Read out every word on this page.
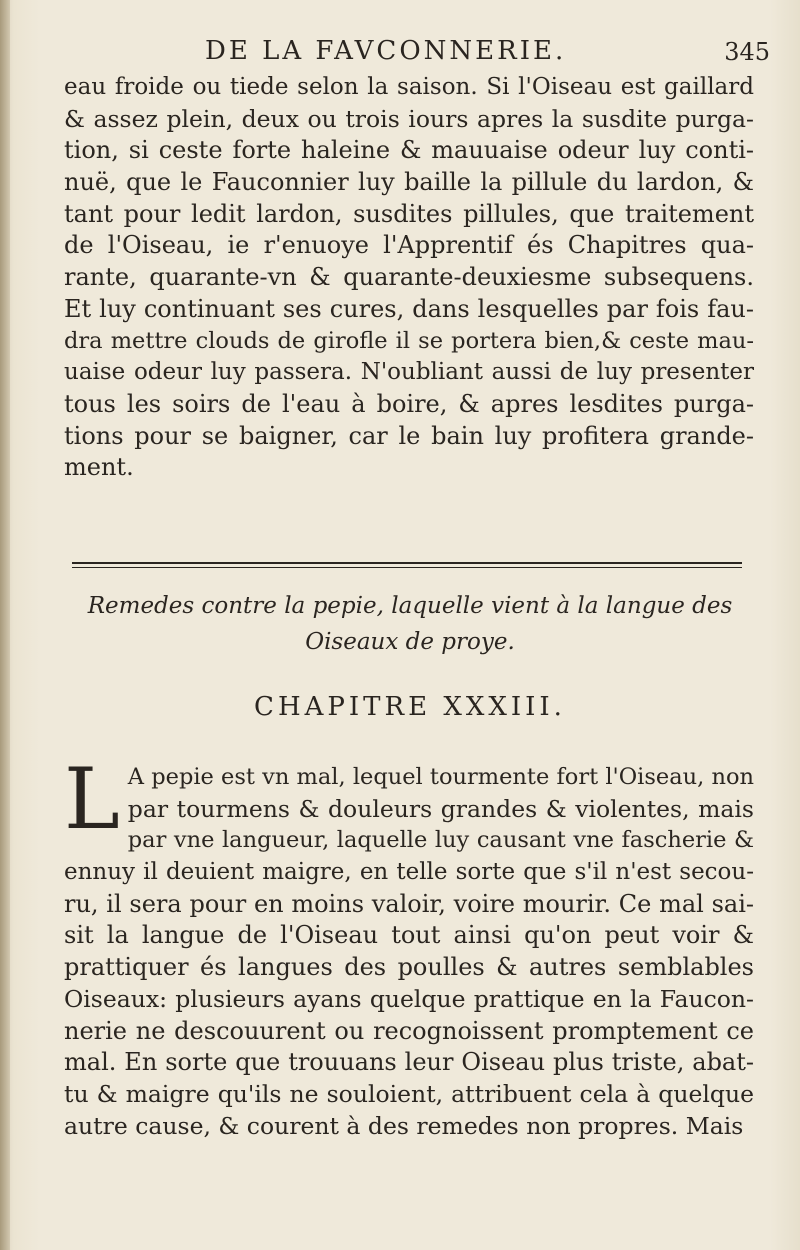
DE LA FAVCONNERIE.	345
eau froide ou tiede selon la saison. Si l'Oiseau est gaillard
& assez plein, deux ou trois iours apres la susdite purga-
tion, si ceste forte haleine & mauuaise odeur luy conti-
nuë, que le Fauconnier luy baille la pillule du lardon, &
tant pour ledit lardon, susdites pillules, que traitement
de l'Oiseau, ie r'enuoye l'Apprentif és Chapitres qua-
rante, quarante-vn & quarante-deuxiesme subsequens.
Et luy continuant ses cures, dans lesquelles par fois fau-
dra mettre clouds de girofle il se portera bien,& ceste mau-
uaise odeur luy passera. N'oubliant aussi de luy presenter
tous les soirs de l'eau à boire, & apres lesdites purga-
tions pour se baigner, car le bain luy profitera grande-
ment.
Remedes contre la pepie, laquelle vient à la langue des
Oiseaux de proye.
CHAPITRE XXXIII.
L A pepie est vn mal, lequel tourmente fort l'Oiseau, non
par tourmens & douleurs grandes & violentes, mais
par vne langueur, laquelle luy causant vne fascherie &
ennuy il deuient maigre, en telle sorte que s'il n'est secou-
ru, il sera pour en moins valoir, voire mourir. Ce mal sai-
sit la langue de l'Oiseau tout ainsi qu'on peut voir &
prattiquer és langues des poulles & autres semblables
Oiseaux: plusieurs ayans quelque prattique en la Faucon-
nerie ne descouurent ou recognoissent promptement ce
mal. En sorte que trouuans leur Oiseau plus triste, abat-
tu & maigre qu'ils ne souloient, attribuent cela à quelque
autre cause, & courent à des remedes non propres. Mais
